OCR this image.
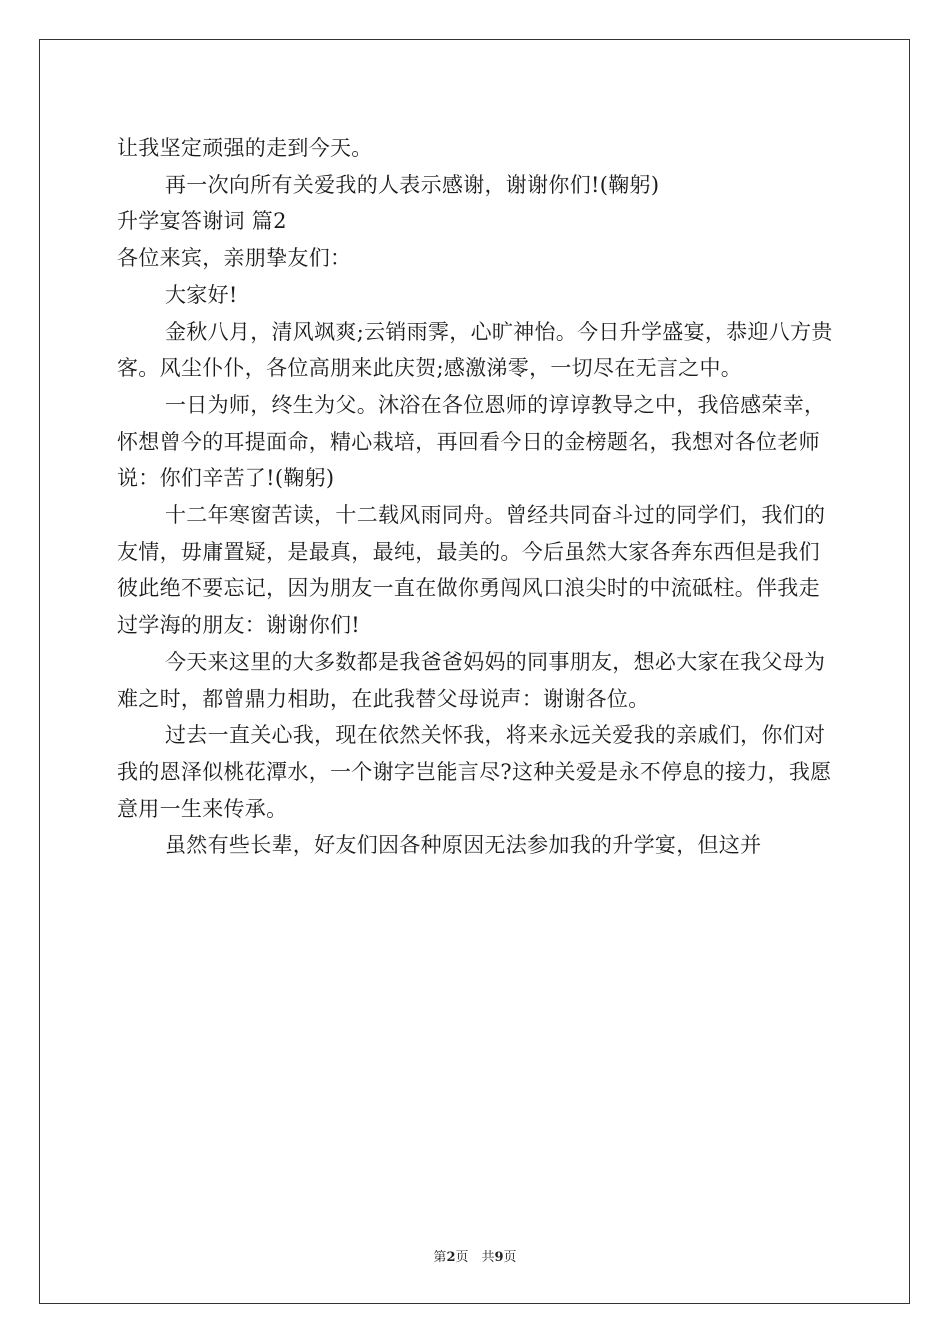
让我坚定顽强的走到今天。

再一次向所有关爱我的人表示感谢，谢谢你们!(鞠躬)

升学宴答谢词 篇2

各位来宾，亲朋挚友们：

大家好!

金秋八月，清风飒爽;云销雨霁，心旷神怡。今日升学盛宴，恭迎八方贵客。风尘仆仆，各位高朋来此庆贺;感激涕零，一切尽在无言之中。

一日为师，终生为父。沐浴在各位恩师的谆谆教导之中，我倍感荣幸，怀想曾今的耳提面命，精心栽培，再回看今日的金榜题名，我想对各位老师说：你们辛苦了!(鞠躬)

十二年寒窗苦读，十二载风雨同舟。曾经共同奋斗过的同学们，我们的友情，毋庸置疑，是最真，最纯，最美的。今后虽然大家各奔东西但是我们彼此绝不要忘记，因为朋友一直在做你勇闯风口浪尖时的中流砥柱。伴我走过学海的朋友：谢谢你们!

今天来这里的大多数都是我爸爸妈妈的同事朋友，想必大家在我父母为难之时，都曾鼎力相助，在此我替父母说声：谢谢各位。

过去一直关心我，现在依然关怀我，将来永远关爱我的亲戚们，你们对我的恩泽似桃花潭水，一个谢字岂能言尽?这种关爱是永不停息的接力，我愿意用一生来传承。

虽然有些长辈，好友们因各种原因无法参加我的升学宴，但这并

第2页　共9页
